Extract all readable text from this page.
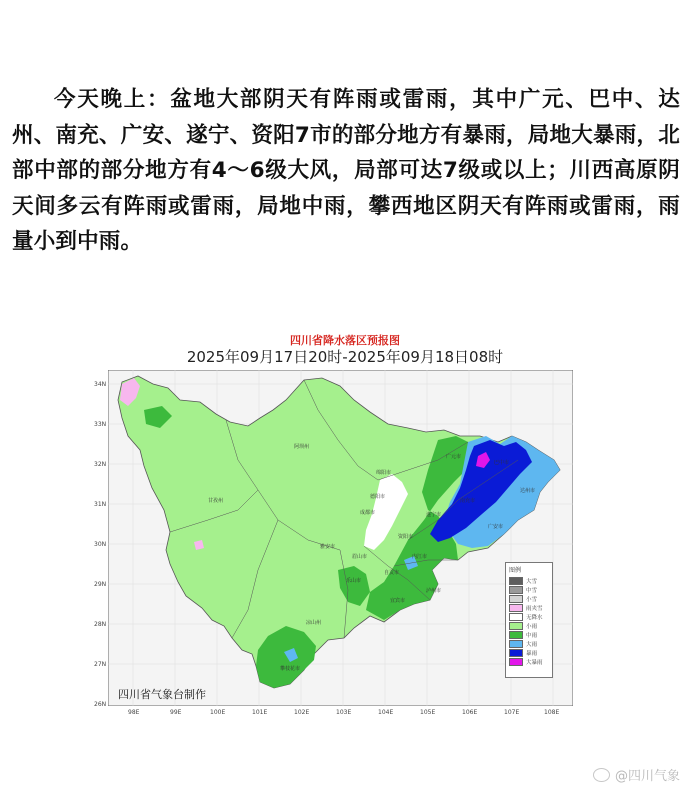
今天晚上：盆地大部阴天有阵雨或雷雨，其中广元、巴中、达州、南充、广安、遂宁、资阳7市的部分地方有暴雨，局地大暴雨，北部中部的部分地方有4～6级大风，局部可达7级或以上；川西高原阴天间多云有阵雨或雷雨，局地中雨，攀西地区阴天有阵雨或雷雨，雨量小到中雨。

四川省降水落区预报图
2025年09月17日20时-2025年09月18日08时
阿坝州
绵阳市
甘孜州
德阳市
成都市
雅安市
眉山市
乐山市
凉山州
攀枝花市
广元市
巴中市
达州市
南充市
广安市
遂宁市
资阳市
内江市
自贡市
宜宾市
泸州市
34N
33N
32N
31N
30N
29N
28N
27N
26N
98E	99E	100E	101E	102E	103E	104E	105E	106E	107E	108E
四川省气象台制作
图例
大雪
中雪
小雪
雨夹雪
无降水
小雨
中雨
大雨
暴雨
大暴雨
@四川气象
